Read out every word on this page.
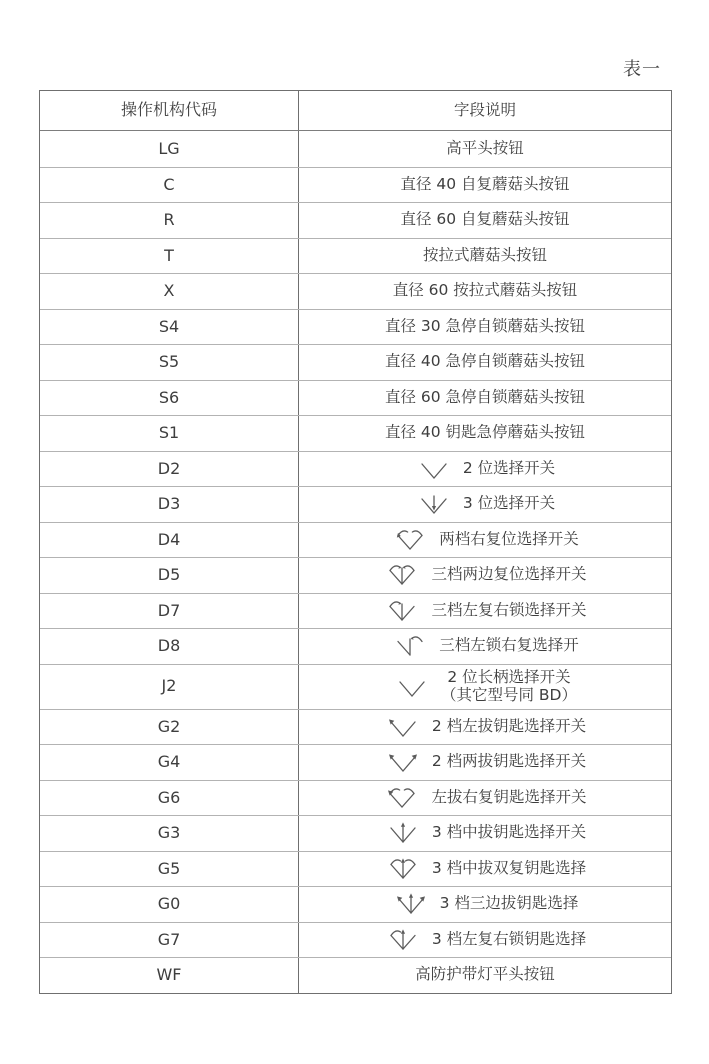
表一
操作机构代码	字段说明
LG	高平头按钮
C	直径 40 自复蘑菇头按钮
R	直径 60 自复蘑菇头按钮
T	按拉式蘑菇头按钮
X	直径 60 按拉式蘑菇头按钮
S4	直径 30 急停自锁蘑菇头按钮
S5	直径 40 急停自锁蘑菇头按钮
S6	直径 60 急停自锁蘑菇头按钮
S1	直径 40 钥匙急停蘑菇头按钮
D2	2 位选择开关
D3	3 位选择开关
D4	两档右复位选择开关
D5	三档两边复位选择开关
D7	三档左复右锁选择开关
D8	三档左锁右复选择开
J2	2 位长柄选择开关
（其它型号同 BD）
G2	2 档左拔钥匙选择开关
G4	2 档两拔钥匙选择开关
G6	左拔右复钥匙选择开关
G3	3 档中拔钥匙选择开关
G5	3 档中拔双复钥匙选择
G0	3 档三边拔钥匙选择
G7	3 档左复右锁钥匙选择
WF	高防护带灯平头按钮
